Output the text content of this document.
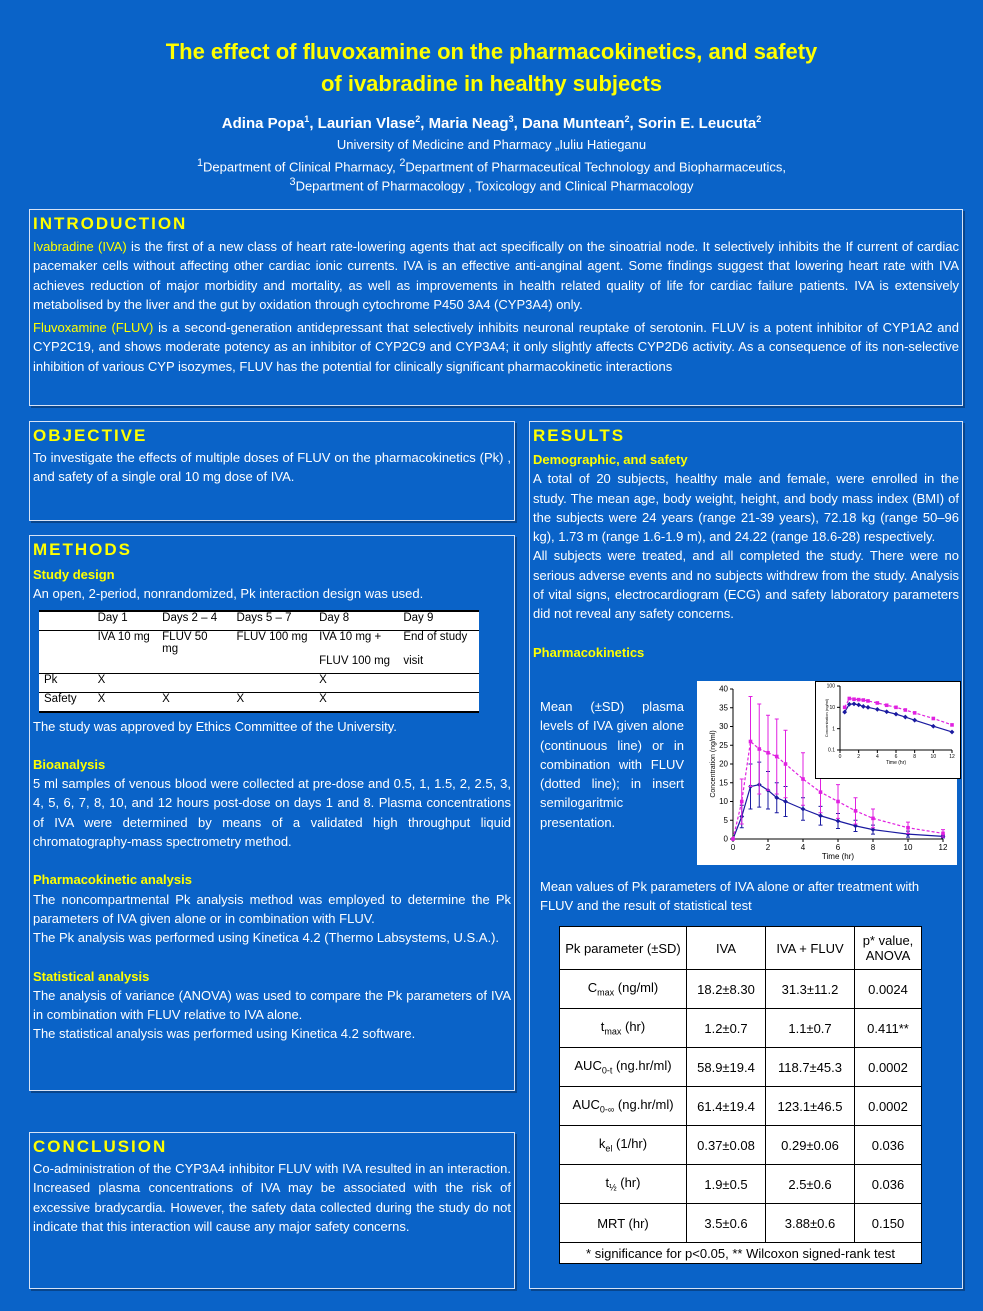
The effect of fluvoxamine on the pharmacokinetics, and safety
of ivabradine in healthy subjects
Adina Popa$^1$, Laurian Vlase$^2$, Maria Neag$^3$, Dana Muntean$^2$, Sorin E. Leucuta$^2$
University of Medicine and Pharmacy „Iuliu Hatieganu
$^1$Department of Clinical Pharmacy, $^2$Department of Pharmaceutical Technology and Biopharmaceutics,
$^3$Department of Pharmacology , Toxicology and Clinical Pharmacology
INTRODUCTION

Ivabradine (IVA) is the first of a new class of heart rate-lowering agents that act specifically on the sinoatrial node. It selectively inhibits the If current of cardiac pacemaker cells without affecting other cardiac ionic currents. IVA is an effective anti-anginal agent. Some findings suggest that lowering heart rate with IVA achieves reduction of major morbidity and mortality, as well as improvements in health related quality of life for cardiac failure patients. IVA is extensively metabolised by the liver and the gut by oxidation through cytochrome P450 3A4 (CYP3A4) only.

Fluvoxamine (FLUV) is a second-generation antidepressant that selectively inhibits neuronal reuptake of serotonin. FLUV is a potent inhibitor of CYP1A2 and CYP2C19, and shows moderate potency as an inhibitor of CYP2C9 and CYP3A4; it only slightly affects CYP2D6 activity. As a consequence of its non-selective inhibition of various CYP isozymes, FLUV has the potential for clinically significant pharmacokinetic interactions

OBJECTIVE

To investigate the effects of multiple doses of FLUV on the pharmacokinetics (Pk) , and safety of a single oral 10 mg dose of IVA.

METHODS
Study design

An open, 2-period, nonrandomized, Pk interaction design was used.

	Day 1	Days 2 – 4	Days 5 – 7	Day 8	Day 9
	IVA 10 mg	FLUV 50 mg	FLUV 100 mg	IVA 10 mg +	End of study
				FLUV 100 mg	visit
Pk	X			X	
Safety	X	X	X	X	

The study was approved by Ethics Committee of the University.

Bioanalysis

5 ml samples of venous blood were collected at pre-dose and 0.5, 1, 1.5, 2, 2.5, 3, 4, 5, 6, 7, 8, 10, and 12 hours post-dose on days 1 and 8. Plasma concentrations of IVA were determined by means of a validated high throughput liquid chromatography-mass spectrometry method.

Pharmacokinetic analysis

The noncompartmental Pk analysis method was employed to determine the Pk parameters of IVA given alone or in combination with FLUV.

The Pk analysis was performed using Kinetica 4.2 (Thermo Labsystems, U.S.A.).

Statistical analysis

The analysis of variance (ANOVA) was used to compare the Pk parameters of IVA in combination with FLUV relative to IVA alone.

The statistical analysis was performed using Kinetica 4.2 software.

CONCLUSION

Co-administration of the CYP3A4 inhibitor FLUV with IVA resulted in an interaction. Increased plasma concentrations of IVA may be associated with the risk of excessive bradycardia. However, the safety data collected during the study do not indicate that this interaction will cause any major safety concerns.

RESULTS
Demographic, and safety

A total of 20 subjects, healthy male and female, were enrolled in the study. The mean age, body weight, height, and body mass index (BMI) of the subjects were 24 years (range 21-39 years), 72.18 kg (range 50–96 kg), 1.73 m (range 1.6-1.9 m), and 24.22 (range 18.6-28) respectively.

All subjects were treated, and all completed the study. There were no serious adverse events and no subjects withdrew from the study. Analysis of vital signs, electrocardiogram (ECG) and safety laboratory parameters did not reveal any safety concerns.

Pharmacokinetics

Mean (±SD) plasma levels of IVA given alone (continuous line) or in combination with FLUV (dotted line); in insert semilogaritmic presentation.

0
5
10
15
20
25
30
35
40
0	2	4	6	8	10	12
Time (hr)
Concentration (ng/ml)	0.1
1
10
100
0	2	4	6	8	10	12
Time (hr)
Concentration (ng/ml)

Mean values of Pk parameters of IVA alone or after treatment with FLUV and the result of statistical test

Pk parameter (±SD)	IVA	IVA + FLUV	p* value, ANOVA
$C_{max}$ (ng/ml)	18.2±8.30	31.3±11.2	0.0024
$t_{max}$ (hr)	1.2±0.7	1.1±0.7	0.411**
$AUC_{0-t}$ (ng.hr/ml)	58.9±19.4	118.7±45.3	0.0002
$AUC_{0-\infty}$ (ng.hr/ml)	61.4±19.4	123.1±46.5	0.0002
$k_{el}$ (1/hr)	0.37±0.08	0.29±0.06	0.036
$t_{\frac{1}{2}}$ (hr)	1.9±0.5	2.5±0.6	0.036
MRT (hr)	3.5±0.6	3.88±0.6	0.150
* significance for p<0.05, ** Wilcoxon signed-rank test			
